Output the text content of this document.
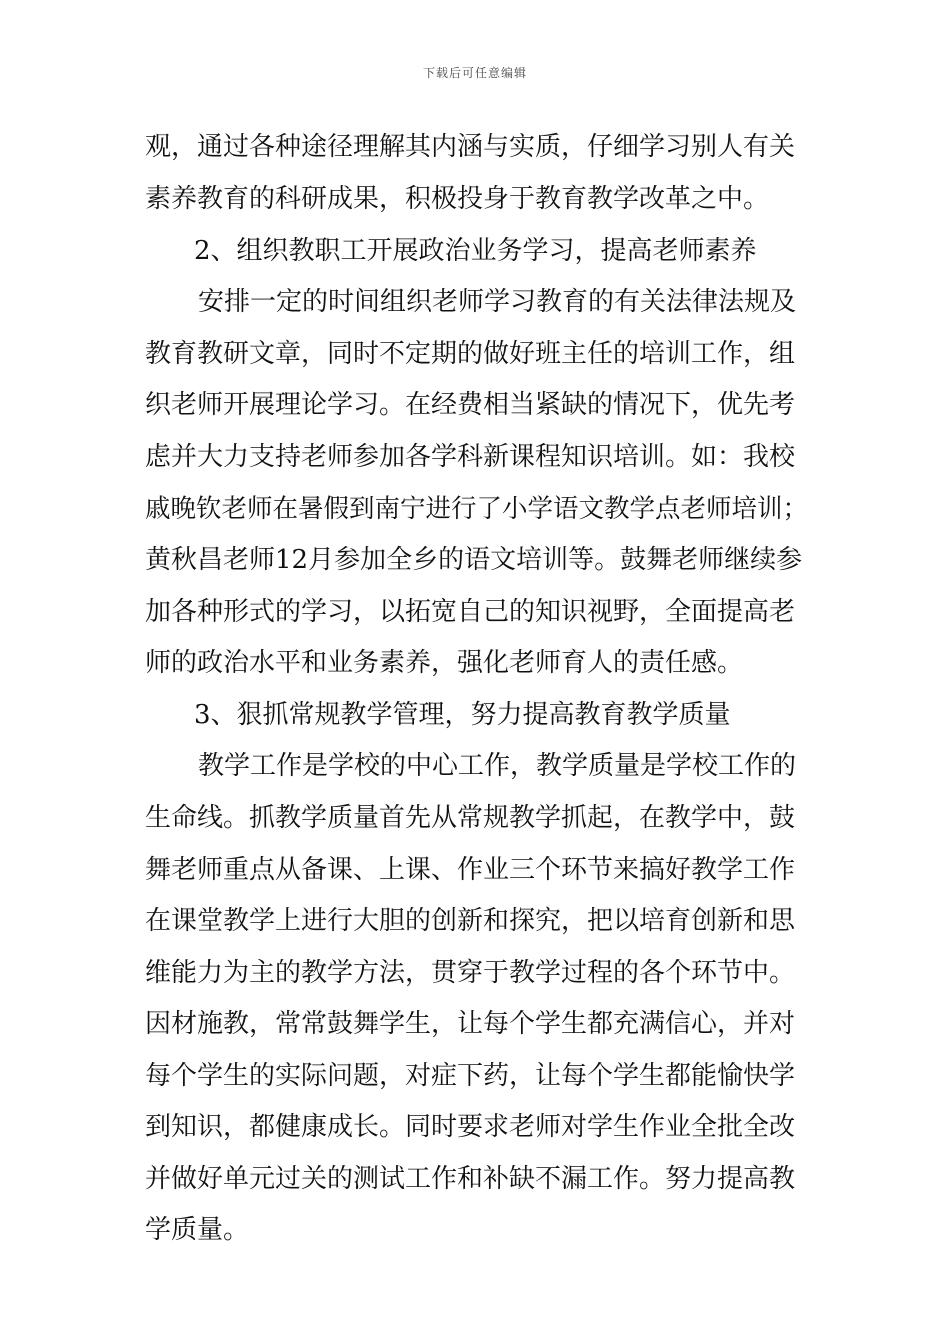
下载后可任意编辑
观，通过各种途径理解其内涵与实质，仔细学习别人有关
素养教育的科研成果，积极投身于教育教学改革之中。
2、组织教职工开展政治业务学习，提高老师素养
安排一定的时间组织老师学习教育的有关法律法规及
教育教研文章，同时不定期的做好班主任的培训工作，组
织老师开展理论学习。在经费相当紧缺的情况下，优先考
虑并大力支持老师参加各学科新课程知识培训。如：我校
戚晚钦老师在暑假到南宁进行了小学语文教学点老师培训；
黄秋昌老师12月参加全乡的语文培训等。鼓舞老师继续参
加各种形式的学习，以拓宽自己的知识视野，全面提高老
师的政治水平和业务素养，强化老师育人的责任感。
3、狠抓常规教学管理，努力提高教育教学质量
教学工作是学校的中心工作，教学质量是学校工作的
生命线。抓教学质量首先从常规教学抓起，在教学中，鼓
舞老师重点从备课、上课、作业三个环节来搞好教学工作
在课堂教学上进行大胆的创新和探究，把以培育创新和思
维能力为主的教学方法，贯穿于教学过程的各个环节中。
因材施教，常常鼓舞学生，让每个学生都充满信心，并对
每个学生的实际问题，对症下药，让每个学生都能愉快学
到知识，都健康成长。同时要求老师对学生作业全批全改
并做好单元过关的测试工作和补缺不漏工作。努力提高教
学质量。
